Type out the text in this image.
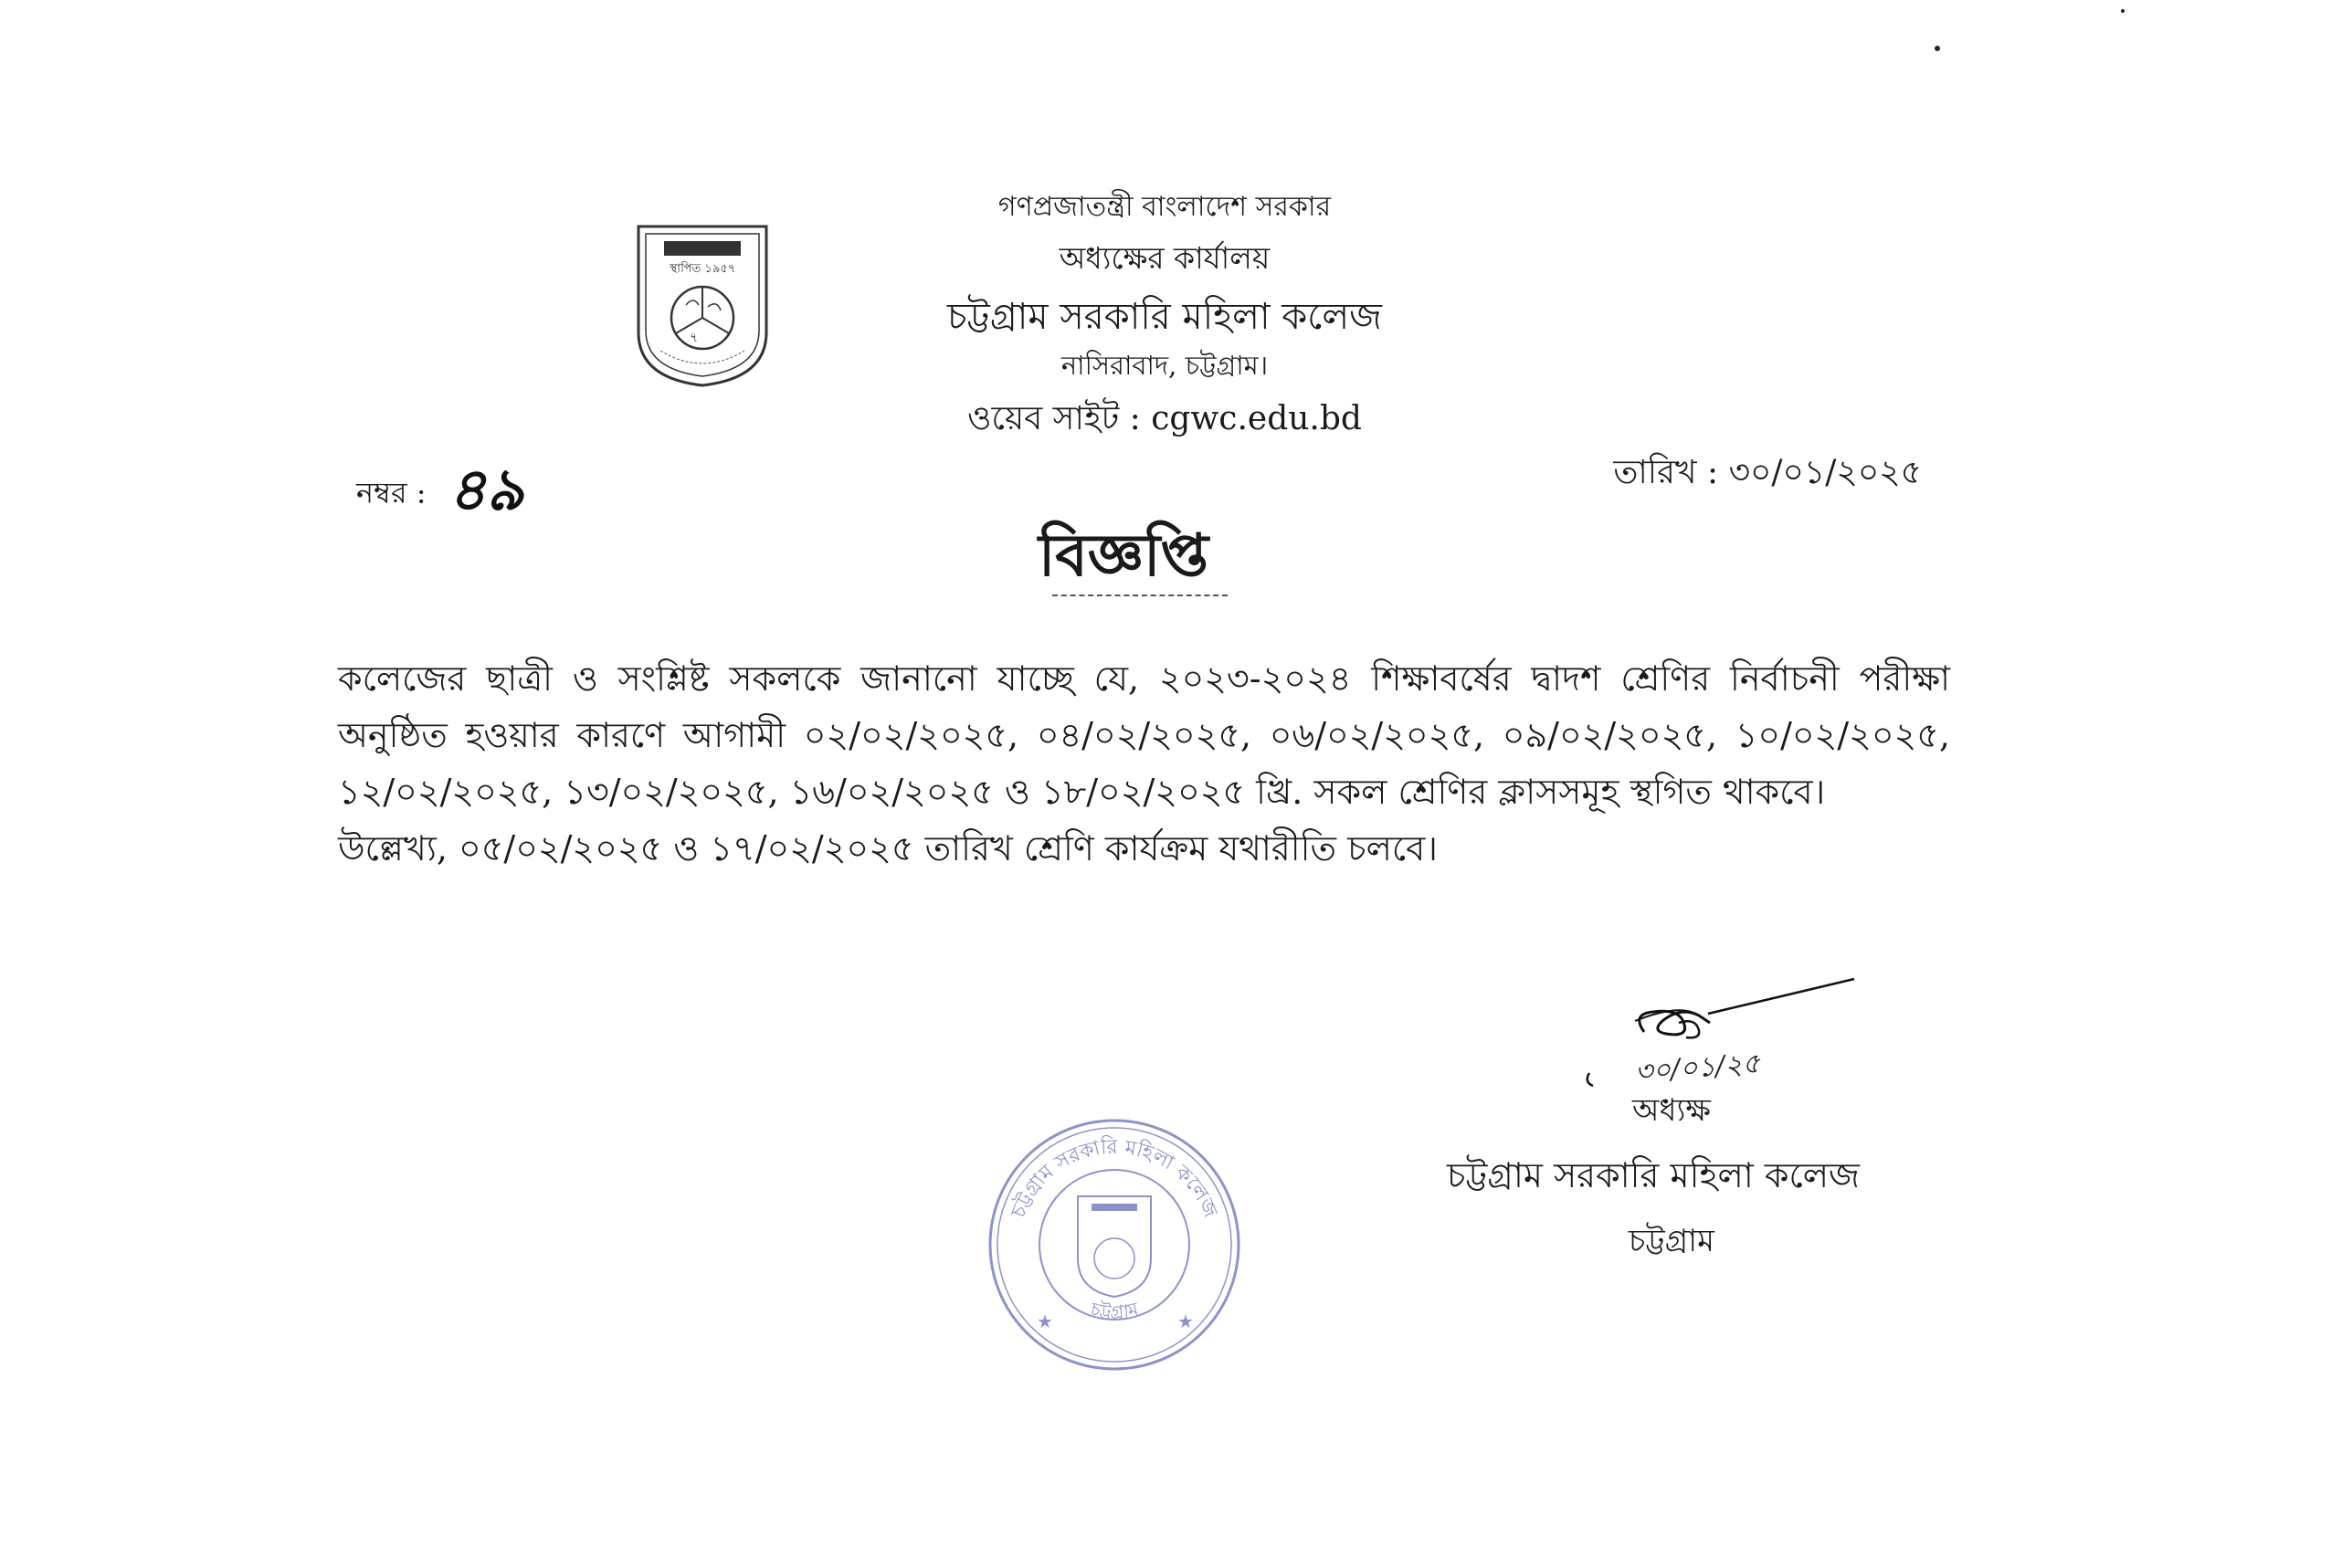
স্থাপিত ১৯৫৭
৭
গণপ্রজাতন্ত্রী বাংলাদেশ সরকার
অধ্যক্ষের কার্যালয়
চট্টগ্রাম সরকারি মহিলা কলেজ
নাসিরাবাদ, চট্টগ্রাম।
ওয়েব সাইট : cgwc.edu.bd
নম্বর : ৪৯	তারিখ : ৩০/০১/২০২৫
বিজ্ঞপ্তি

কলেজের ছাত্রী ও সংশ্লিষ্ট সকলকে জানানো যাচ্ছে যে, ২০২৩-২০২৪ শিক্ষাবর্ষের দ্বাদশ শ্রেণির নির্বাচনী পরীক্ষা অনুষ্ঠিত হওয়ার কারণে আগামী ০২/০২/২০২৫, ০৪/০২/২০২৫, ০৬/০২/২০২৫, ০৯/০২/২০২৫, ১০/০২/২০২৫, ১২/০২/২০২৫, ১৩/০২/২০২৫, ১৬/০২/২০২৫ ও ১৮/০২/২০২৫ খ্রি. সকল শ্রেণির ক্লাসসমূহ স্থগিত থাকবে।

উল্লেখ্য, ০৫/০২/২০২৫ ও ১৭/০২/২০২৫ তারিখ শ্রেণি কার্যক্রম যথারীতি চলবে।

৩০/০১/২৫
অধ্যক্ষ
চট্টগ্রাম সরকারি মহিলা কলেজ
চট্টগ্রাম
চট্টগ্রাম সরকারি মহিলা কলেজ
চট্টগ্রাম
★	★
